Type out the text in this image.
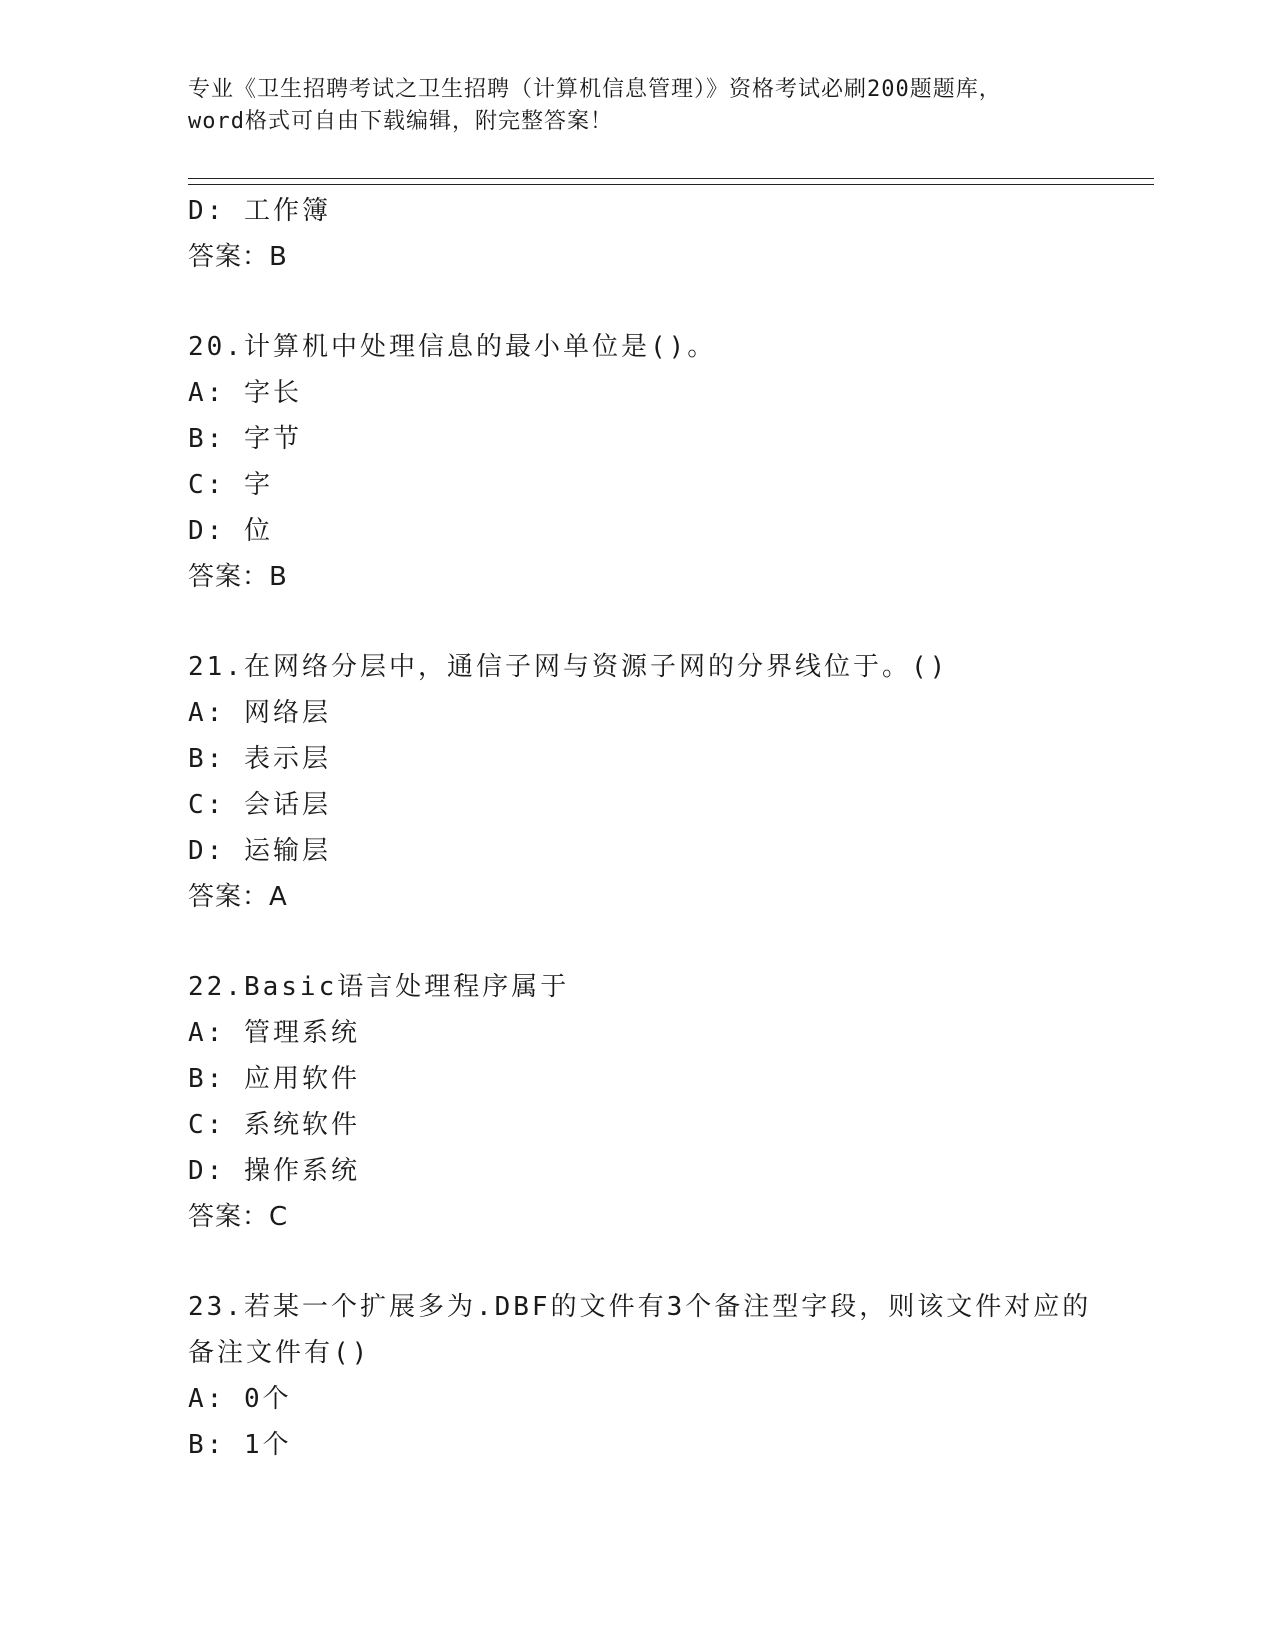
专业《卫生招聘考试之卫生招聘（计算机信息管理）》资格考试必刷200题题库，
word格式可自由下载编辑，附完整答案！
D: 工作簿
答案：B
20.计算机中处理信息的最小单位是()。
A: 字长
B: 字节
C: 字
D: 位
答案：B
21.在网络分层中，通信子网与资源子网的分界线位于。()
A: 网络层
B: 表示层
C: 会话层
D: 运输层
答案：A
22.Basic语言处理程序属于
A: 管理系统
B: 应用软件
C: 系统软件
D: 操作系统
答案：C
23.若某一个扩展多为.DBF的文件有3个备注型字段，则该文件对应的
备注文件有()
A: 0个
B: 1个
